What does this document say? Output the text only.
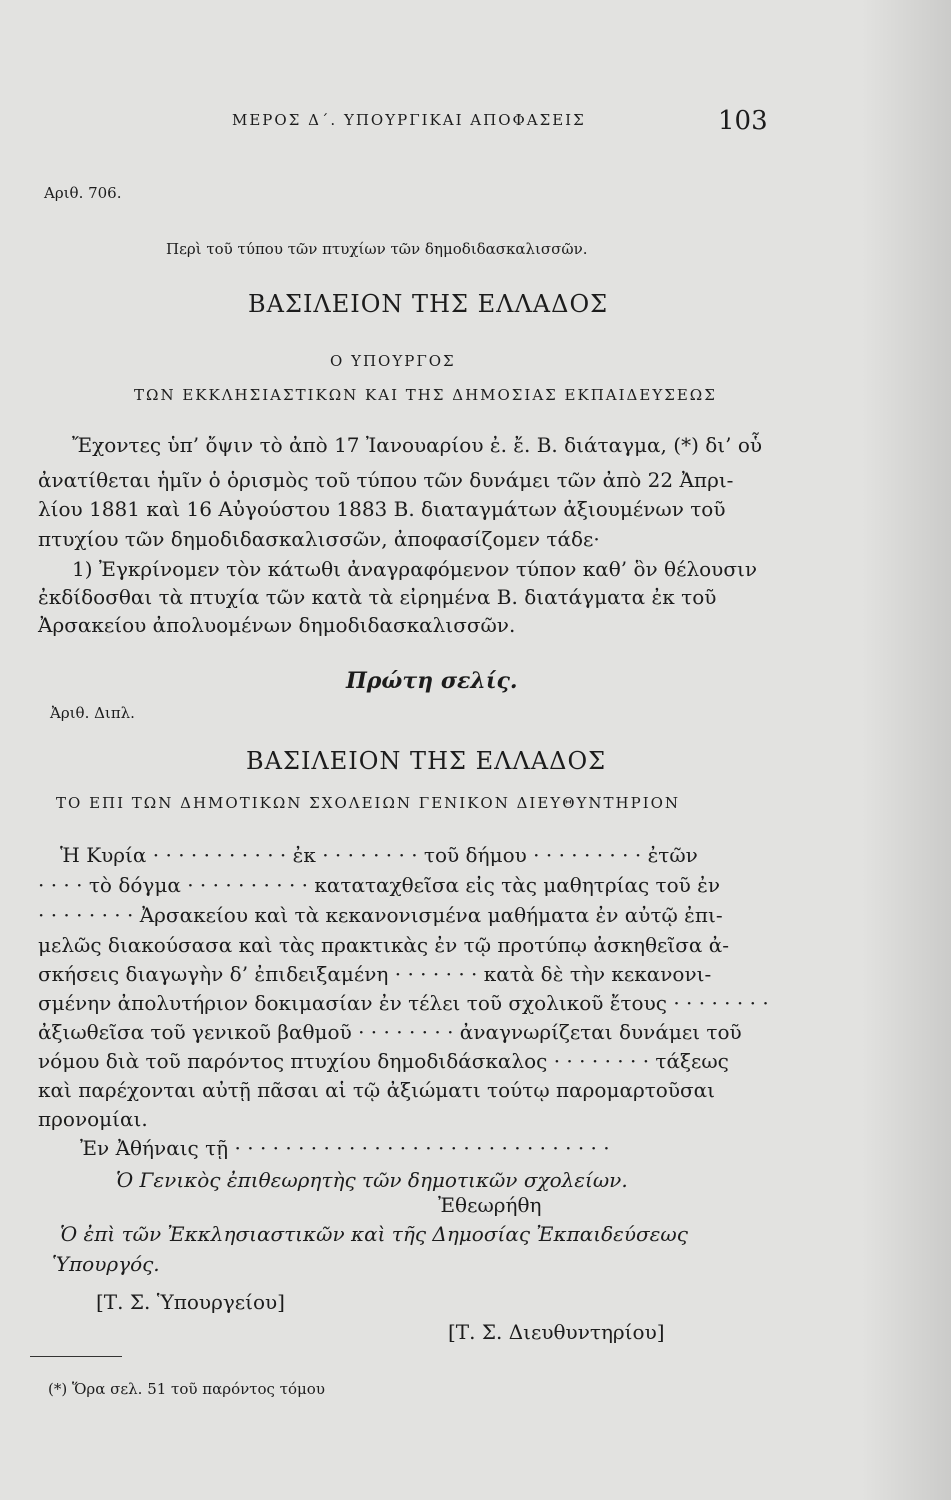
ΜΕΡΟΣ Δ΄. ΥΠΟΥΡΓΙΚΑΙ ΑΠΟΦΑΣΕΙΣ	103
Αριθ. 706.
Περὶ τοῦ τύπου τῶν πτυχίων τῶν δημοδιδασκαλισσῶν.
ΒΑΣΙΛΕΙΟΝ ΤΗΣ ΕΛΛΑΔΟΣ
Ο ΥΠΟΥΡΓΟΣ
ΤΩΝ ΕΚΚΛΗΣΙΑΣΤΙΚΩΝ ΚΑΙ ΤΗΣ ΔΗΜΟΣΙΑΣ ΕΚΠΑΙΔΕΥΣΕΩΣ
Ἔχοντες ὑπ’ ὄψιν τὸ ἀπὸ 17 Ἰανουαρίου ἐ. ἔ. Β. διάταγμα, (*) δι’ οὗ
ἀνατίθεται ἡμῖν ὁ ὁρισμὸς τοῦ τύπου τῶν δυνάμει τῶν ἀπὸ 22 Ἀπρι-
λίου 1881 καὶ 16 Αὐγούστου 1883 Β. διαταγμάτων ἀξιουμένων τοῦ
πτυχίου τῶν δημοδιδασκαλισσῶν, ἀποφασίζομεν τάδε·
1) Ἐγκρίνομεν τὸν κάτωθι ἀναγραφόμενον τύπον καθ’ ὃν θέλουσιν
ἐκδίδοσθαι τὰ πτυχία τῶν κατὰ τὰ εἰρημένα Β. διατάγματα ἐκ τοῦ
Ἀρσακείου ἀπολυομένων δημοδιδασκαλισσῶν.
Πρώτη σελίς.
Ἀριθ. Διπλ.
ΒΑΣΙΛΕΙΟΝ ΤΗΣ ΕΛΛΑΔΟΣ
ΤΟ ΕΠΙ ΤΩΝ ΔΗΜΟΤΙΚΩΝ ΣΧΟΛΕΙΩΝ ΓΕΝΙΚΟΝ ΔΙΕΥΘΥΝΤΗΡΙΟΝ
Ἡ Κυρία · · · · · · · · · · · ἐκ · · · · · · · · τοῦ δήμου · · · · · · · · · ἐτῶν
· · · · τὸ δόγμα · · · · · · · · · · καταταχθεῖσα εἰς τὰς μαθητρίας τοῦ ἐν
· · · · · · · · Ἀρσακείου καὶ τὰ κεκανονισμένα μαθήματα ἐν αὐτῷ ἐπι-
μελῶς διακούσασα καὶ τὰς πρακτικὰς ἐν τῷ προτύπῳ ἀσκηθεῖσα ἀ-
σκήσεις διαγωγὴν δ’ ἐπιδειξαμένη · · · · · · · κατὰ δὲ τὴν κεκανονι-
σμένην ἀπολυτήριον δοκιμασίαν ἐν τέλει τοῦ σχολικοῦ ἔτους · · · · · · · ·
ἀξιωθεῖσα τοῦ γενικοῦ βαθμοῦ · · · · · · · · ἀναγνωρίζεται δυνάμει τοῦ
νόμου διὰ τοῦ παρόντος πτυχίου δημοδιδάσκαλος · · · · · · · · τάξεως
καὶ παρέχονται αὐτῇ πᾶσαι αἱ τῷ ἀξιώματι τούτῳ παρομαρτοῦσαι
προνομίαι.
Ἐν Ἀθήναις τῇ · · · · · · · · · · · · · · · · · · · · · · · · · · · · · ·
Ὁ Γενικὸς ἐπιθεωρητὴς τῶν δημοτικῶν σχολείων.
Ἐθεωρήθη
Ὁ ἐπὶ τῶν Ἐκκλησιαστικῶν καὶ τῆς Δημοσίας Ἐκπαιδεύσεως
Ὑπουργός.
[Τ. Σ. Ὑπουργείου]
[Τ. Σ. Διευθυντηρίου]
(*) Ὅρα σελ. 51 τοῦ παρόντος τόμου
